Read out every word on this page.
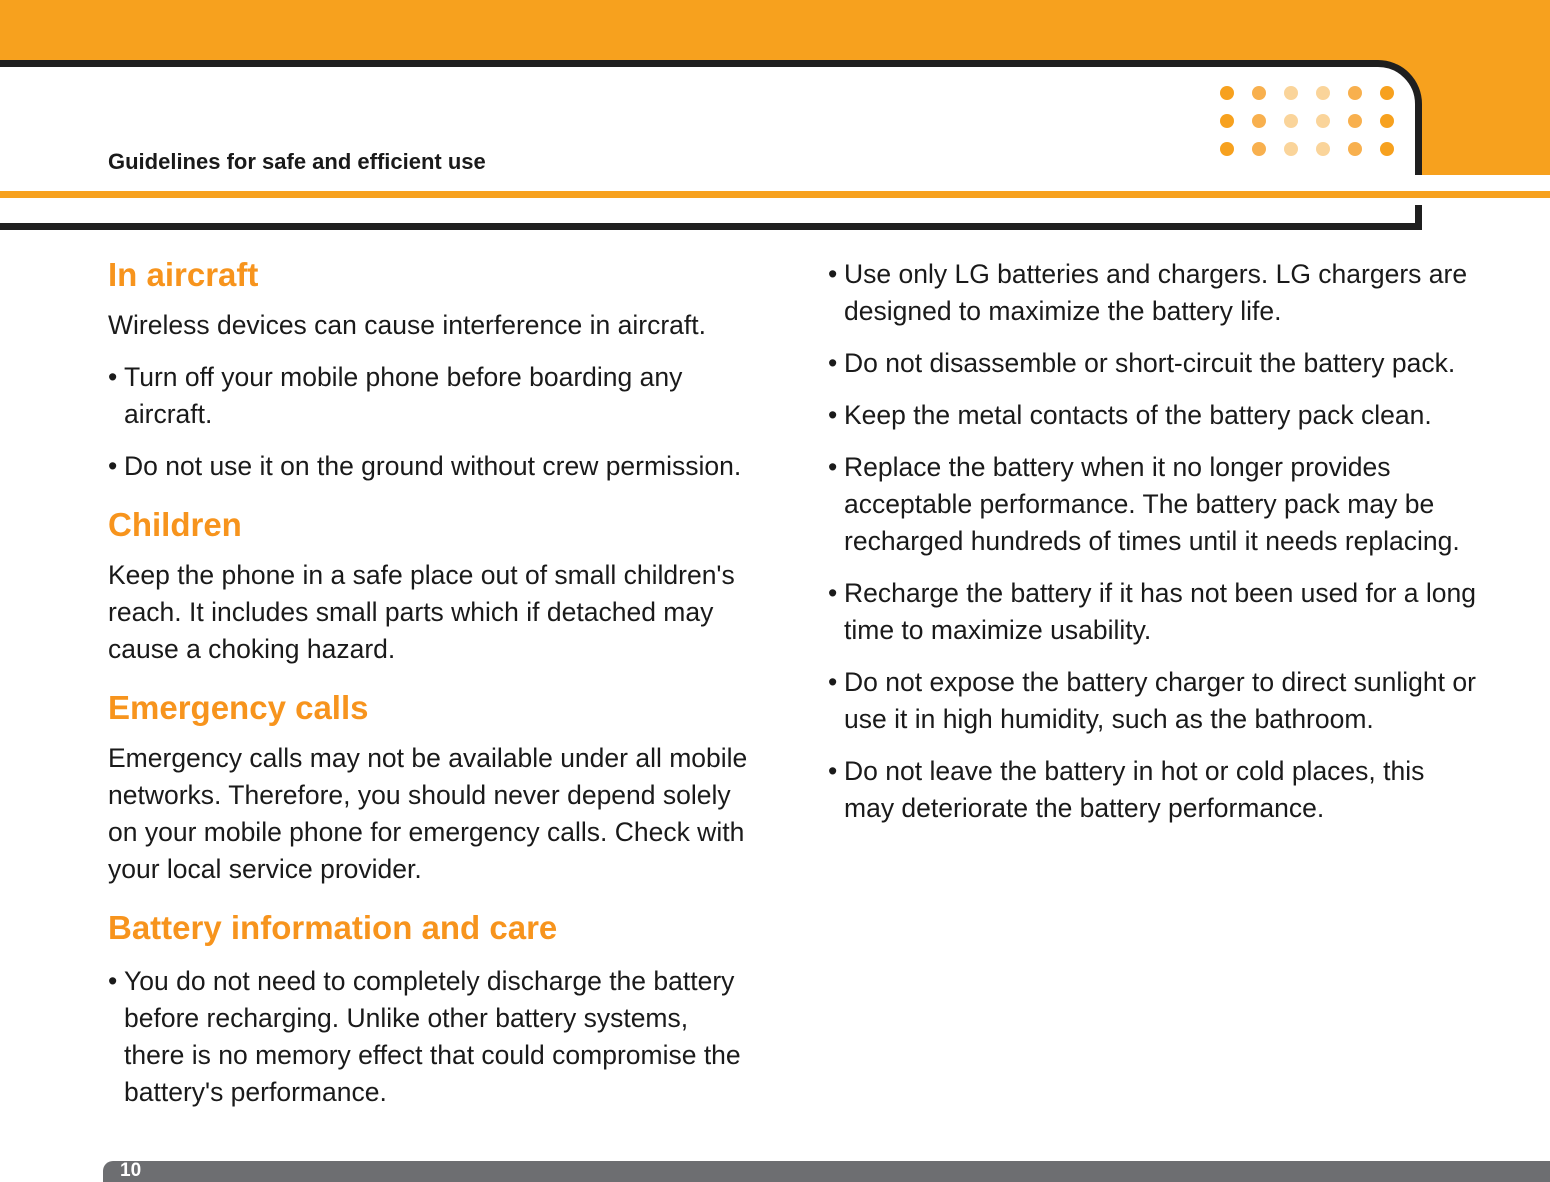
Guidelines for safe and efficient use
In aircraft

Wireless devices can cause interference in aircraft.

• Turn off your mobile phone before boarding any aircraft.
• Do not use it on the ground without crew permission.
Children

Keep the phone in a safe place out of small children's reach. It includes small parts which if detached may cause a choking hazard.

Emergency calls

Emergency calls may not be available under all mobile networks. Therefore, you should never depend solely on your mobile phone for emergency calls. Check with your local service provider.

Battery information and care
• You do not need to completely discharge the battery before recharging. Unlike other battery systems, there is no memory effect that could compromise the battery's performance.
• Use only LG batteries and chargers. LG chargers are designed to maximize the battery life.
• Do not disassemble or short-circuit the battery pack.
• Keep the metal contacts of the battery pack clean.
• Replace the battery when it no longer provides acceptable performance. The battery pack may be recharged hundreds of times until it needs replacing.
• Recharge the battery if it has not been used for a long time to maximize usability.
• Do not expose the battery charger to direct sunlight or use it in high humidity, such as the bathroom.
• Do not leave the battery in hot or cold places, this may deteriorate the battery performance.
10
